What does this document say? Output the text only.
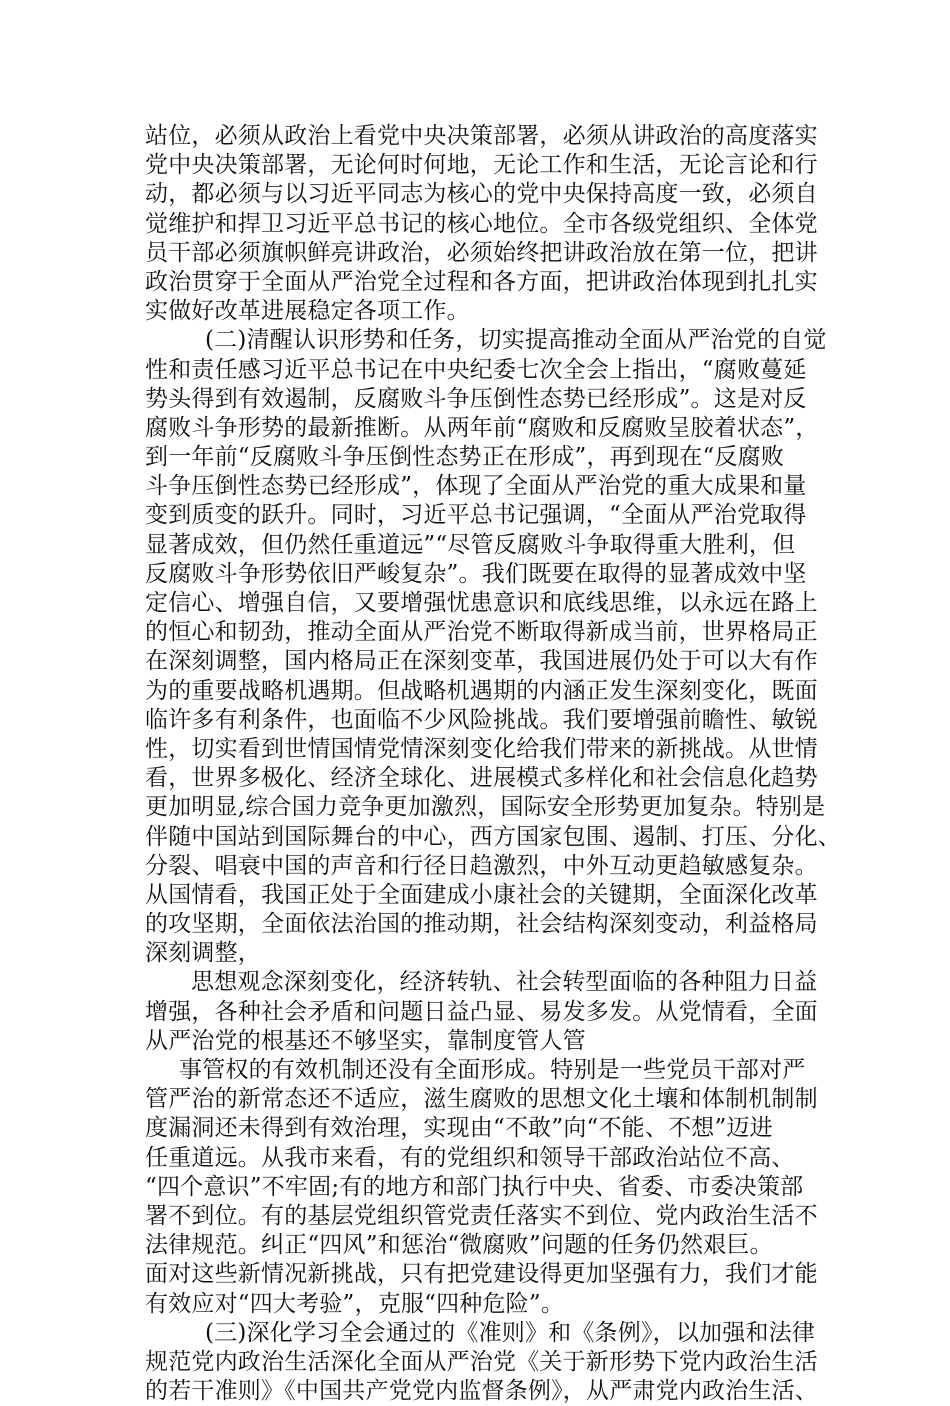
站位，必须从政治上看党中央决策部署，必须从讲政治的高度落实
党中央决策部署，无论何时何地，无论工作和生活，无论言论和行
动，都必须与以习近平同志为核心的党中央保持高度一致，必须自
觉维护和捍卫习近平总书记的核心地位。全市各级党组织、全体党
员干部必须旗帜鲜亮讲政治，必须始终把讲政治放在第一位，把讲
政治贯穿于全面从严治党全过程和各方面，把讲政治体现到扎扎实
实做好改革进展稳定各项工作。
(二)清醒认识形势和任务，切实提高推动全面从严治党的自觉
性和责任感习近平总书记在中央纪委七次全会上指出，“腐败蔓延
势头得到有效遏制，反腐败斗争压倒性态势已经形成”。这是对反
腐败斗争形势的最新推断。从两年前“腐败和反腐败呈胶着状态”，
到一年前“反腐败斗争压倒性态势正在形成”，再到现在“反腐败
斗争压倒性态势已经形成”，体现了全面从严治党的重大成果和量
变到质变的跃升。同时，习近平总书记强调，“全面从严治党取得
显著成效，但仍然任重道远”“尽管反腐败斗争取得重大胜利，但
反腐败斗争形势依旧严峻复杂”。我们既要在取得的显著成效中坚
定信心、增强自信，又要增强忧患意识和底线思维，以永远在路上
的恒心和韧劲，推动全面从严治党不断取得新成当前，世界格局正
在深刻调整，国内格局正在深刻变革，我国进展仍处于可以大有作
为的重要战略机遇期。但战略机遇期的内涵正发生深刻变化，既面
临许多有利条件，也面临不少风险挑战。我们要增强前瞻性、敏锐
性，切实看到世情国情党情深刻变化给我们带来的新挑战。从世情
看，世界多极化、经济全球化、进展模式多样化和社会信息化趋势
更加明显,综合国力竞争更加激烈，国际安全形势更加复杂。特别是
伴随中国站到国际舞台的中心，西方国家包围、遏制、打压、分化、
分裂、唱衰中国的声音和行径日趋激烈，中外互动更趋敏感复杂。
从国情看，我国正处于全面建成小康社会的关键期，全面深化改革
的攻坚期，全面依法治国的推动期，社会结构深刻变动，利益格局
深刻调整，
思想观念深刻变化，经济转轨、社会转型面临的各种阻力日益
增强，各种社会矛盾和问题日益凸显、易发多发。从党情看，全面
从严治党的根基还不够坚实，靠制度管人管
事管权的有效机制还没有全面形成。特别是一些党员干部对严
管严治的新常态还不适应，滋生腐败的思想文化土壤和体制机制制
度漏洞还未得到有效治理，实现由“不敢”向“不能、不想”迈进
任重道远。从我市来看，有的党组织和领导干部政治站位不高、
“四个意识”不牢固;有的地方和部门执行中央、省委、市委决策部
署不到位。有的基层党组织管党责任落实不到位、党内政治生活不
法律规范。纠正“四风”和惩治“微腐败”问题的任务仍然艰巨。
面对这些新情况新挑战，只有把党建设得更加坚强有力，我们才能
有效应对“四大考验”，克服“四种危险”。
(三)深化学习全会通过的《准则》和《条例》，以加强和法律
规范党内政治生活深化全面从严治党《关于新形势下党内政治生活
的若干准则》《中国共产党党内监督条例》，从严肃党内政治生活、
